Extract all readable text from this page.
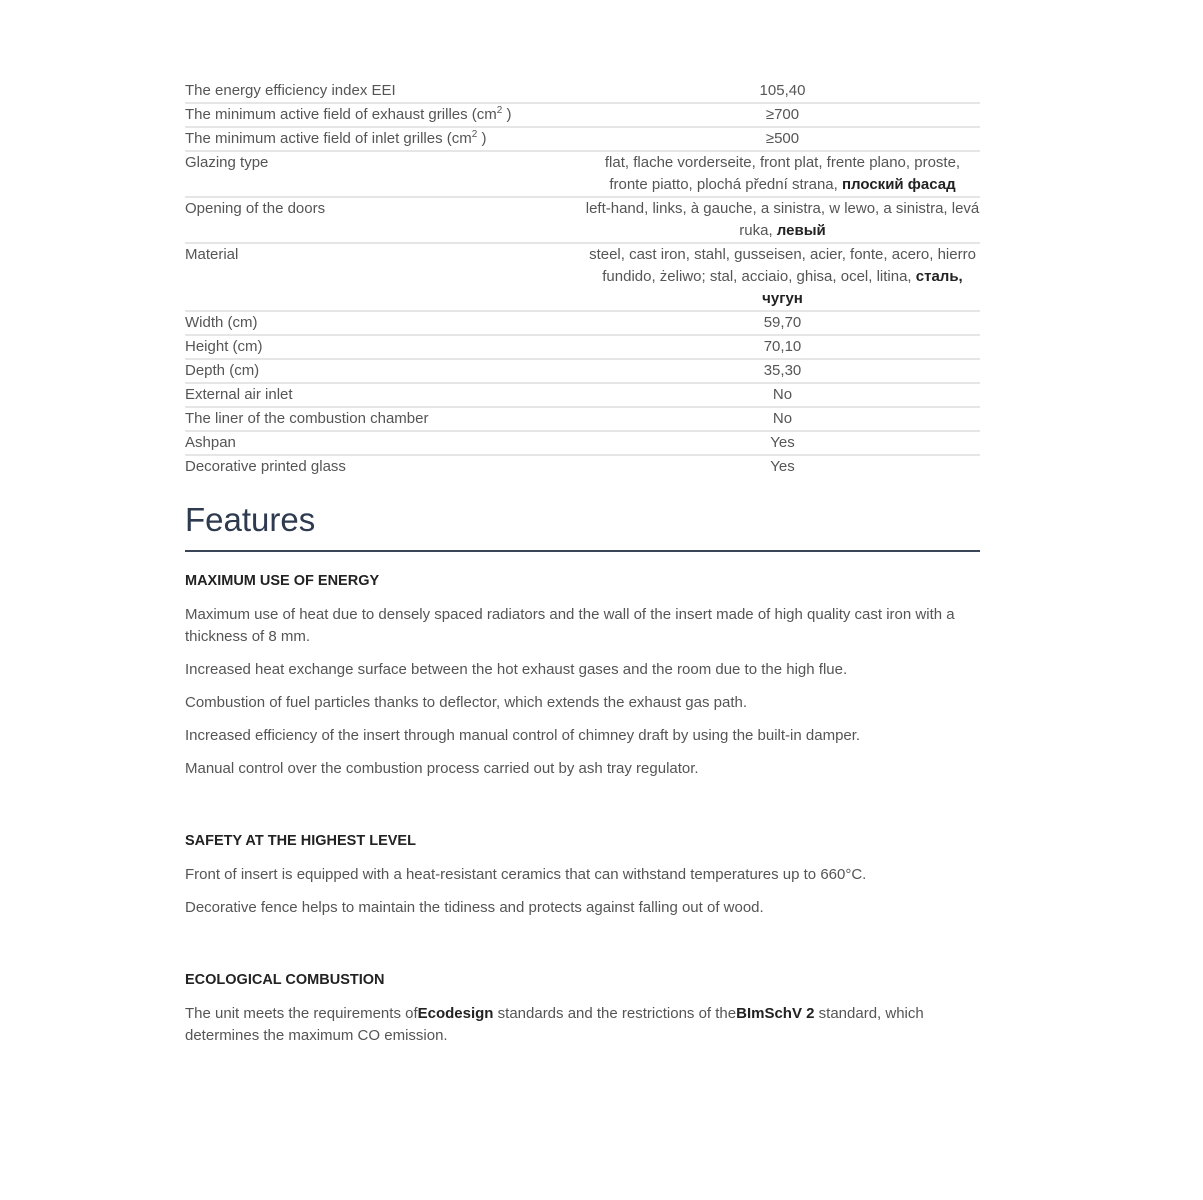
The energy efficiency index EEI	105,40
The minimum active field of exhaust grilles ($cm^2$ )	≥700
The minimum active field of inlet grilles ($cm^2$ )	≥500
Glazing type	flat, flache vorderseite, front plat, frente plano, proste, fronte piatto, plochá přední strana, плоский фасад
Opening of the doors	left-hand, links, à gauche, a sinistra, w lewo, a sinistra, levá ruka, левый
Material	steel, cast iron, stahl, gusseisen, acier, fonte, acero, hierro fundido, żeliwo; stal, acciaio, ghisa, ocel, litina, сталь, чугун
Width (cm)	59,70
Height (cm)	70,10
Depth (cm)	35,30
External air inlet	No
The liner of the combustion chamber	No
Ashpan	Yes
Decorative printed glass	Yes
Features
MAXIMUM USE OF ENERGY

Maximum use of heat due to densely spaced radiators and the wall of the insert made of high quality cast iron with a thickness of 8 mm.

Increased heat exchange surface between the hot exhaust gases and the room due to the high flue.

Combustion of fuel particles thanks to deflector, which extends the exhaust gas path.

Increased efficiency of the insert through manual control of chimney draft by using the built-in damper.

Manual control over the combustion process carried out by ash tray regulator.

SAFETY AT THE HIGHEST LEVEL

Front of insert is equipped with a heat-resistant ceramics that can withstand temperatures up to 660°C.

Decorative fence helps to maintain the tidiness and protects against falling out of wood.

ECOLOGICAL COMBUSTION

The unit meets the requirements ofEcodesign standards and the restrictions of theBImSchV 2 standard, which determines the maximum CO emission.
